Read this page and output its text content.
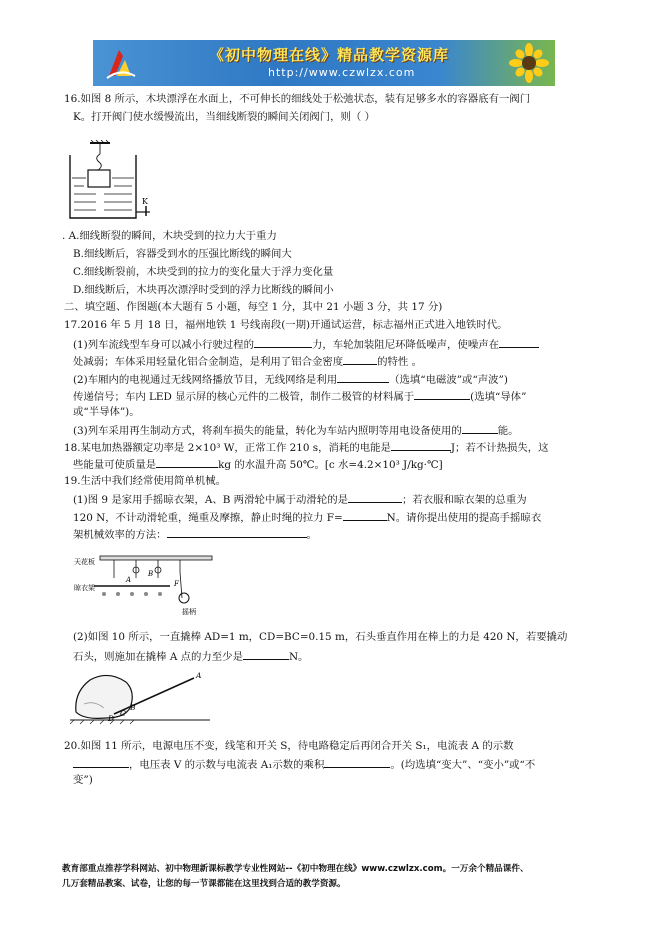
《初中物理在线》精品教学资源库
http://www.czwlzx.com
16.如图 8 所示，木块漂浮在水面上，不可伸长的细线处于松弛状态，装有足够多水的容器底有一阀门
K。打开阀门使水缓慢流出，当细线断裂的瞬间关闭阀门，则（ ）
K
. A.细线断裂的瞬间，木块受到的拉力大于重力
B.细线断后，容器受到水的压强比断线的瞬间大
C.细线断裂前，木块受到的拉力的变化量大于浮力变化量
D.细线断后，木块再次漂浮时受到的浮力比断线的瞬间小
二、填空题、作图题(本大题有 5 小题，每空 1 分，其中 21 小题 3 分，共 17 分)
17.2016 年 5 月 18 日，福州地铁 1 号线南段(一期)开通试运营，标志福州正式进入地铁时代。
(1)列车流线型车身可以减小行驶过程的	力，车轮加装阻尼环降低噪声，使噪声在
处减弱；车体采用轻量化铝合金制造，是利用了铝合金密度	的特性 。
(2)车厢内的电视通过无线网络播放节目，无线网络是利用	（选填“电磁波”或“声波”)
传递信号；车内 LED 显示屏的核心元件的二极管，制作二极管的材料属于	(选填“导体”
或“半导体”)。
(3)列车采用再生制动方式，将刹车损失的能量，转化为车站内照明等用电设备使用的	能。
18.某电加热器额定功率是 2×10³ W，正常工作 210 s，消耗的电能是	J；若不计热损失，这
些能量可使质量是	kg 的水温升高 50℃。[c 水=4.2×10³ J/kg·℃]
19.生活中我们经常使用简单机械。
(1)图 9 是家用手摇晾衣架，A、B 两滑轮中属于动滑轮的是	；若衣服和晾衣架的总重为
120 N，不计动滑轮重，绳重及摩擦，静止时绳的拉力 F=	N。请你提出使用的提高手摇晾衣
架机械效率的方法：	。
天花板
晾衣架
摇柄
A
B
F
(2)如图 10 所示，一直撬棒 AD=1 m，CD=BC=0.15 m，石头垂直作用在棒上的力是 420 N，若要撬动
石头，则施加在撬棒 A 点的力至少是	N。
A
B
C
D
20.如图 11 所示，电源电压不变，线笔和开关 S，待电路稳定后再闭合开关 S₁，电流表 A 的示数
，电压表 V 的示数与电流表 A₁示数的乘积	。(均选填“变大”、“变小”或“不
变”)
教育部重点推荐学科网站、初中物理新课标教学专业性网站--《初中物理在线》www.czwlzx.com。一万余个精品课件、
几万套精品教案、试卷，让您的每一节课都能在这里找到合适的教学资源。
